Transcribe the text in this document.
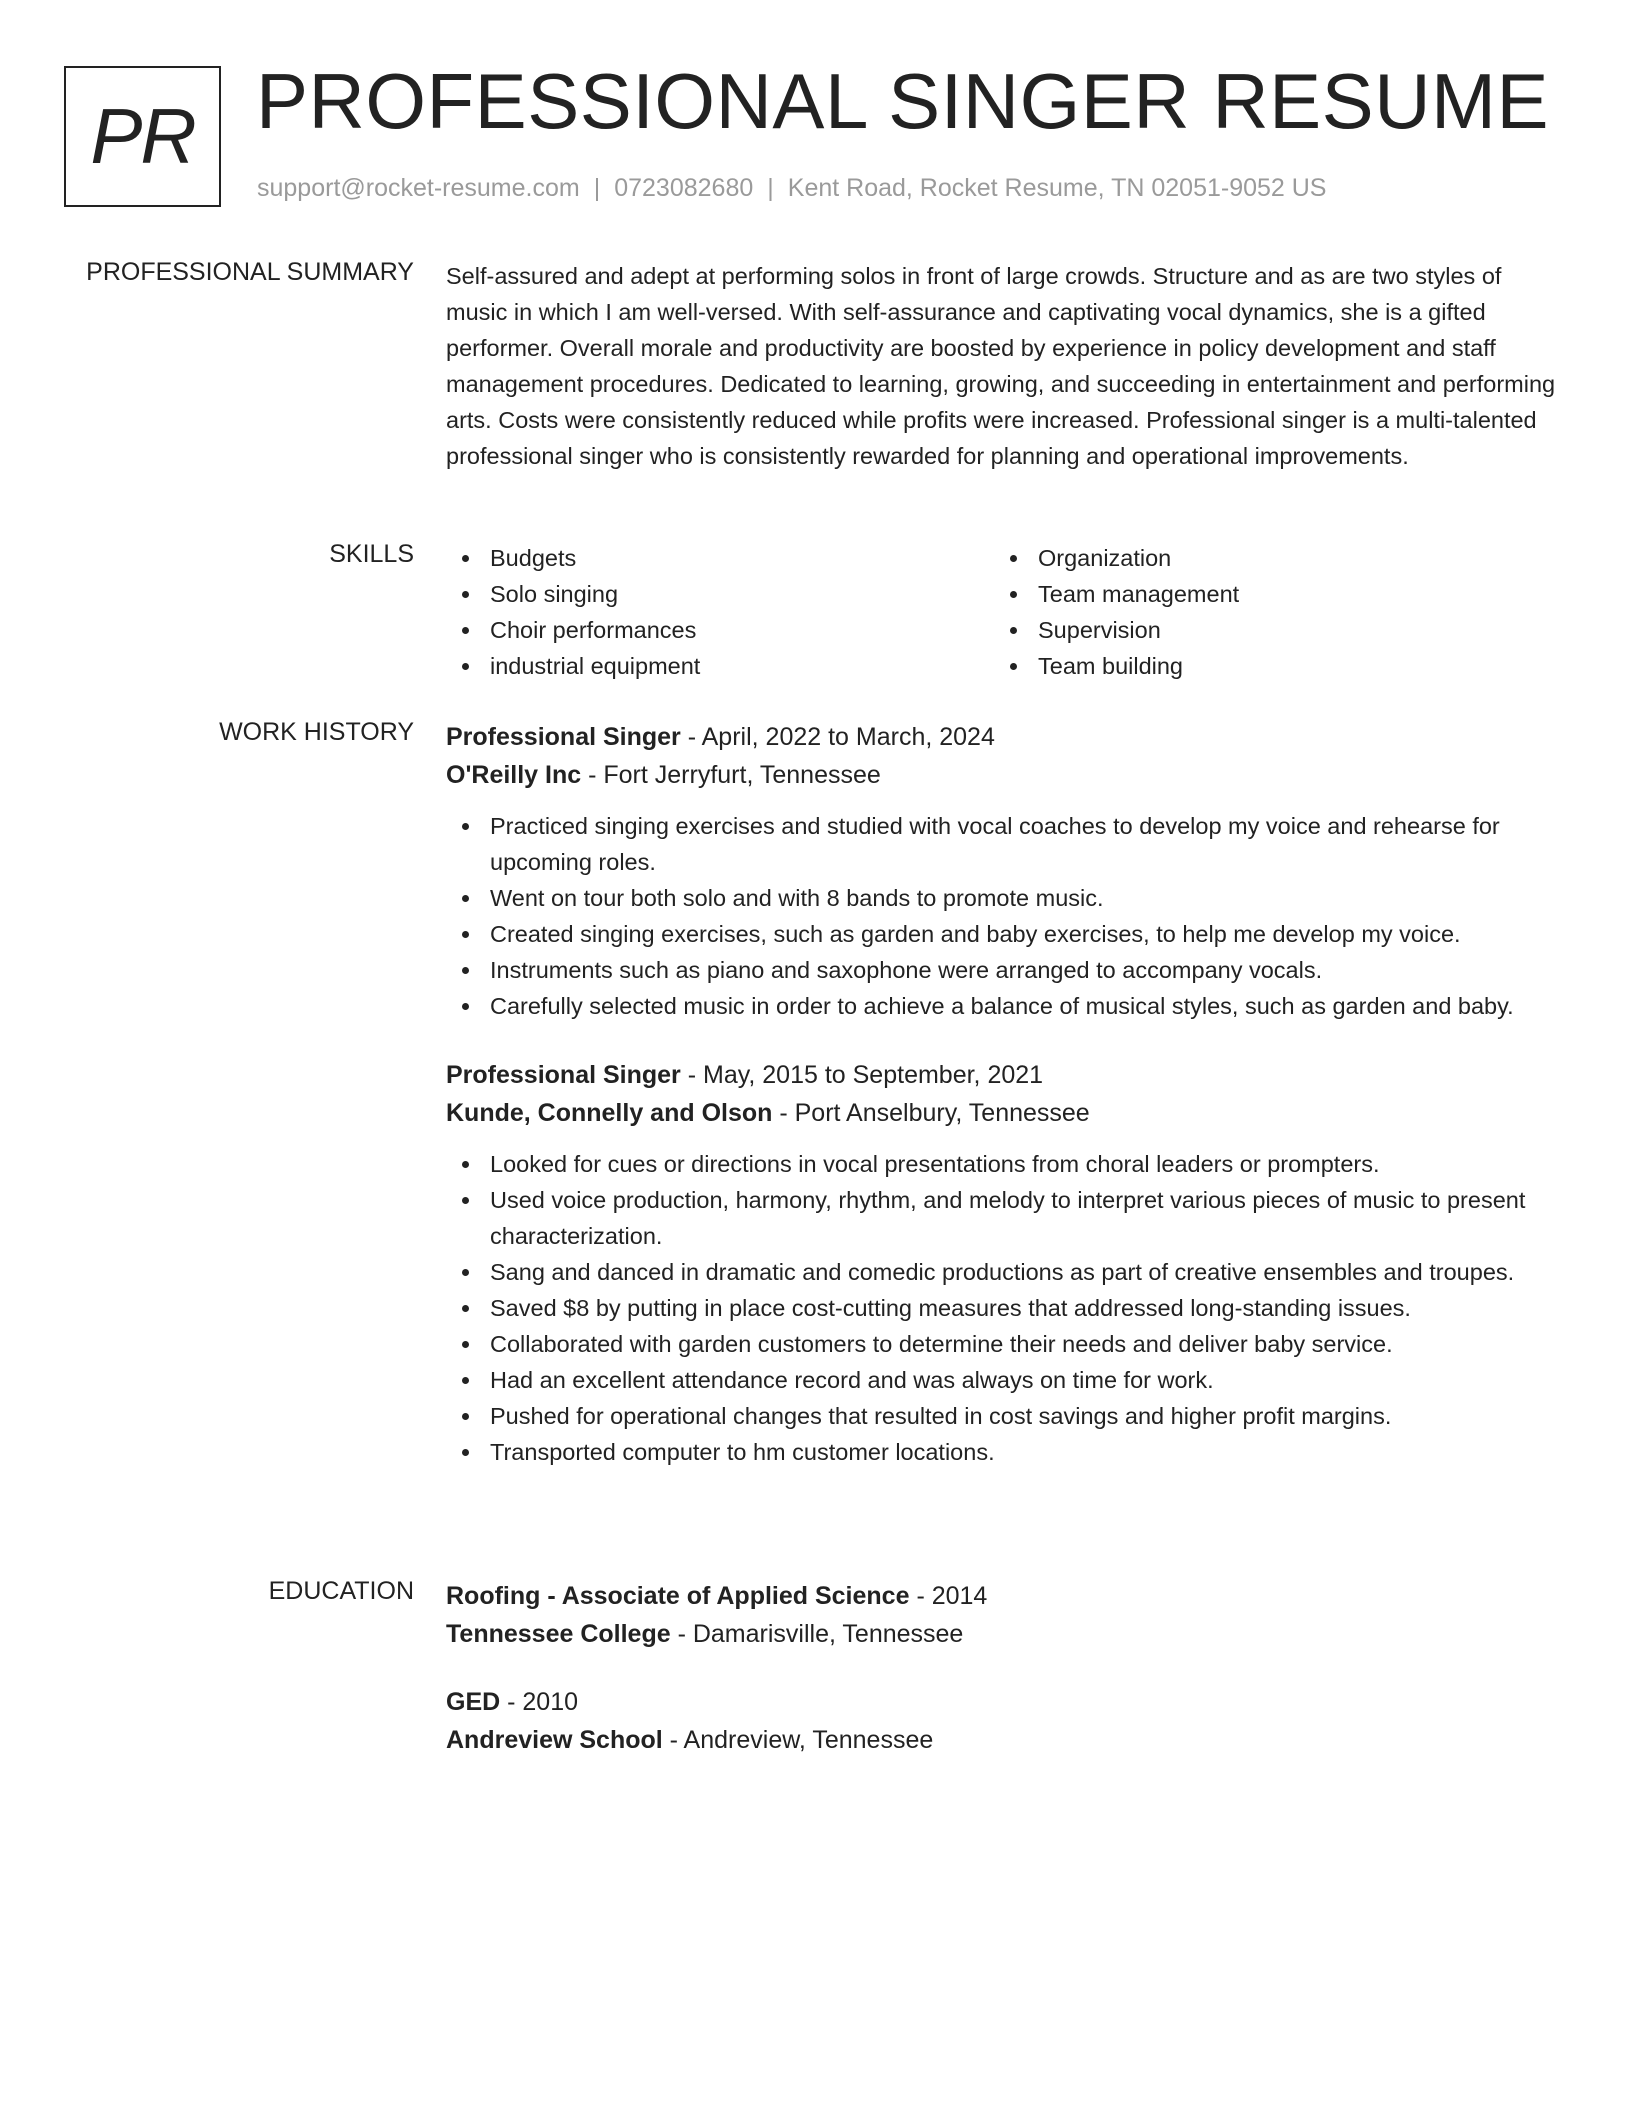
PR PROFESSIONAL SINGER RESUME
support@rocket-resume.com | 0723082680 | Kent Road, Rocket Resume, TN 02051-9052 US
PROFESSIONAL SUMMARY Self-assured and adept at performing solos in front of large crowds. Structure and as are two styles of music in which I am well-versed. With self-assurance and captivating vocal dynamics, she is a gifted performer. Overall morale and productivity are boosted by experience in policy development and staff management procedures. Dedicated to learning, growing, and succeeding in entertainment and performing arts. Costs were consistently reduced while profits were increased. Professional singer is a multi-talented professional singer who is consistently rewarded for planning and operational improvements.

SKILLS	Budgets
Solo singing
Choir performances
industrial equipment
Organization
Team management
Supervision
Team building
WORK HISTORY Professional Singer - April, 2022 to March, 2024
O'Reilly Inc - Fort Jerryfurt, Tennessee
Practiced singing exercises and studied with vocal coaches to develop my voice and rehearse for upcoming roles.
Went on tour both solo and with 8 bands to promote music.
Created singing exercises, such as garden and baby exercises, to help me develop my voice.
Instruments such as piano and saxophone were arranged to accompany vocals.
Carefully selected music in order to achieve a balance of musical styles, such as garden and baby.
Professional Singer - May, 2015 to September, 2021
Kunde, Connelly and Olson - Port Anselbury, Tennessee
Looked for cues or directions in vocal presentations from choral leaders or prompters.
Used voice production, harmony, rhythm, and melody to interpret various pieces of music to present characterization.
Sang and danced in dramatic and comedic productions as part of creative ensembles and troupes.
Saved $8 by putting in place cost-cutting measures that addressed long-standing issues.
Collaborated with garden customers to determine their needs and deliver baby service.
Had an excellent attendance record and was always on time for work.
Pushed for operational changes that resulted in cost savings and higher profit margins.
Transported computer to hm customer locations.
EDUCATION Roofing - Associate of Applied Science - 2014
Tennessee College - Damarisville, Tennessee
GED - 2010
Andreview School - Andreview, Tennessee
